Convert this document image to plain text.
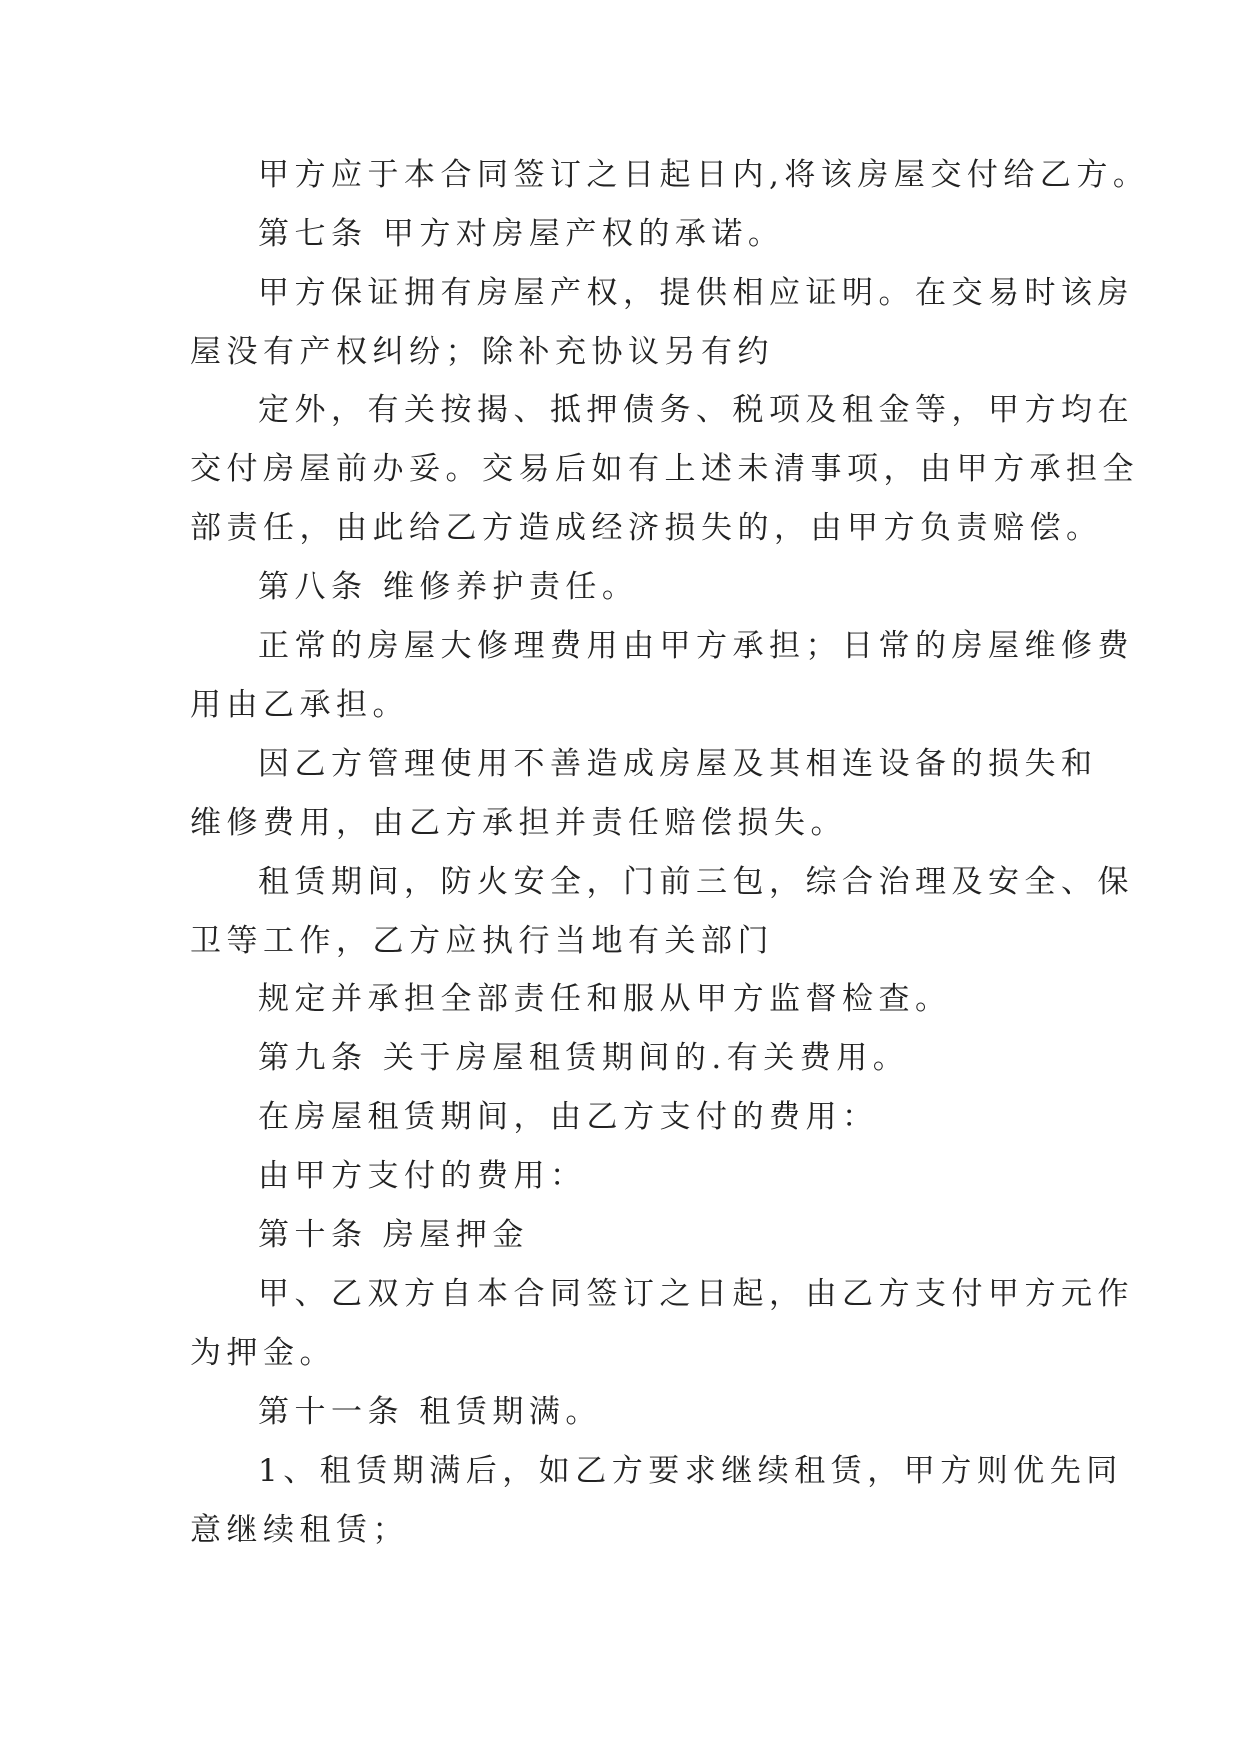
甲方应于本合同签订之日起日内,将该房屋交付给乙方。
第七条 甲方对房屋产权的承诺。
甲方保证拥有房屋产权，提供相应证明。在交易时该房
屋没有产权纠纷；除补充协议另有约
定外，有关按揭、抵押债务、税项及租金等，甲方均在
交付房屋前办妥。交易后如有上述未清事项，由甲方承担全
部责任，由此给乙方造成经济损失的，由甲方负责赔偿。
第八条 维修养护责任。
正常的房屋大修理费用由甲方承担；日常的房屋维修费
用由乙承担。
因乙方管理使用不善造成房屋及其相连设备的损失和
维修费用，由乙方承担并责任赔偿损失。
租赁期间，防火安全，门前三包，综合治理及安全、保
卫等工作，乙方应执行当地有关部门
规定并承担全部责任和服从甲方监督检查。
第九条 关于房屋租赁期间的.有关费用。
在房屋租赁期间，由乙方支付的费用：
由甲方支付的费用：
第十条 房屋押金
甲、乙双方自本合同签订之日起，由乙方支付甲方元作
为押金。
第十一条 租赁期满。
1、租赁期满后，如乙方要求继续租赁，甲方则优先同
意继续租赁；
